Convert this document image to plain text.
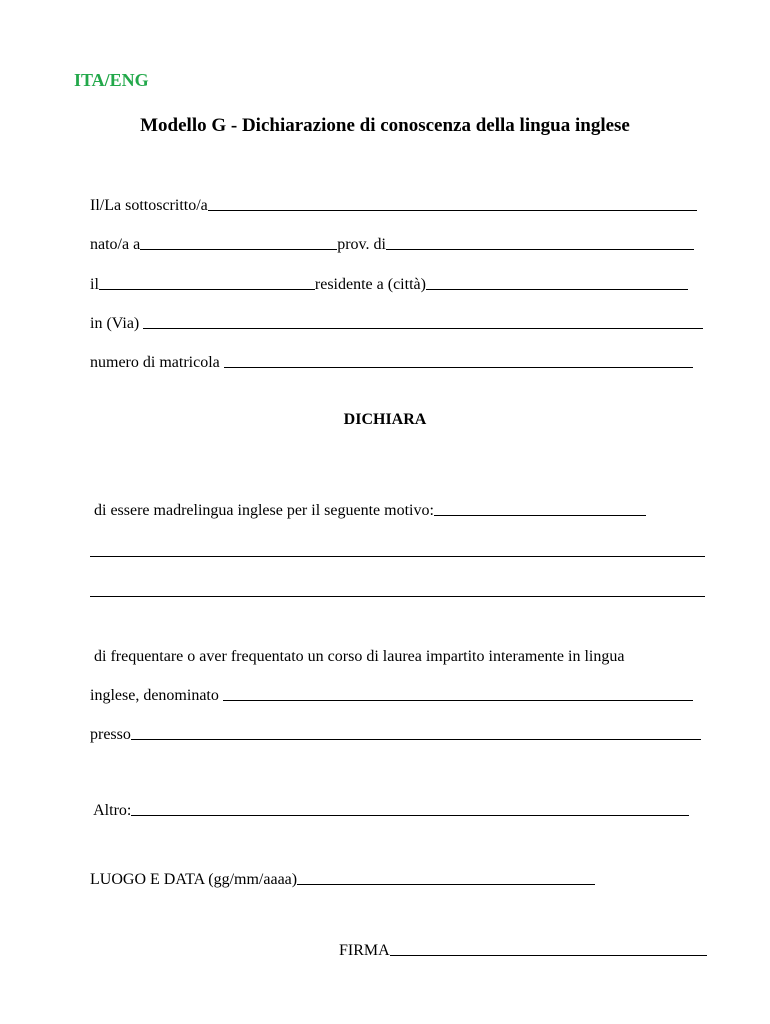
ITA/ENG
Modello G - Dichiarazione di conoscenza della lingua inglese

Il/La sottoscritto/a

nato/a a	prov. di

il	residente a (città)

in (Via)

numero di matricola

DICHIARA

di essere madrelingua inglese per il seguente motivo:

di frequentare o aver frequentato un corso di laurea impartito interamente in lingua

inglese, denominato

presso

Altro:

LUOGO E DATA (gg/mm/aaaa)

FIRMA
